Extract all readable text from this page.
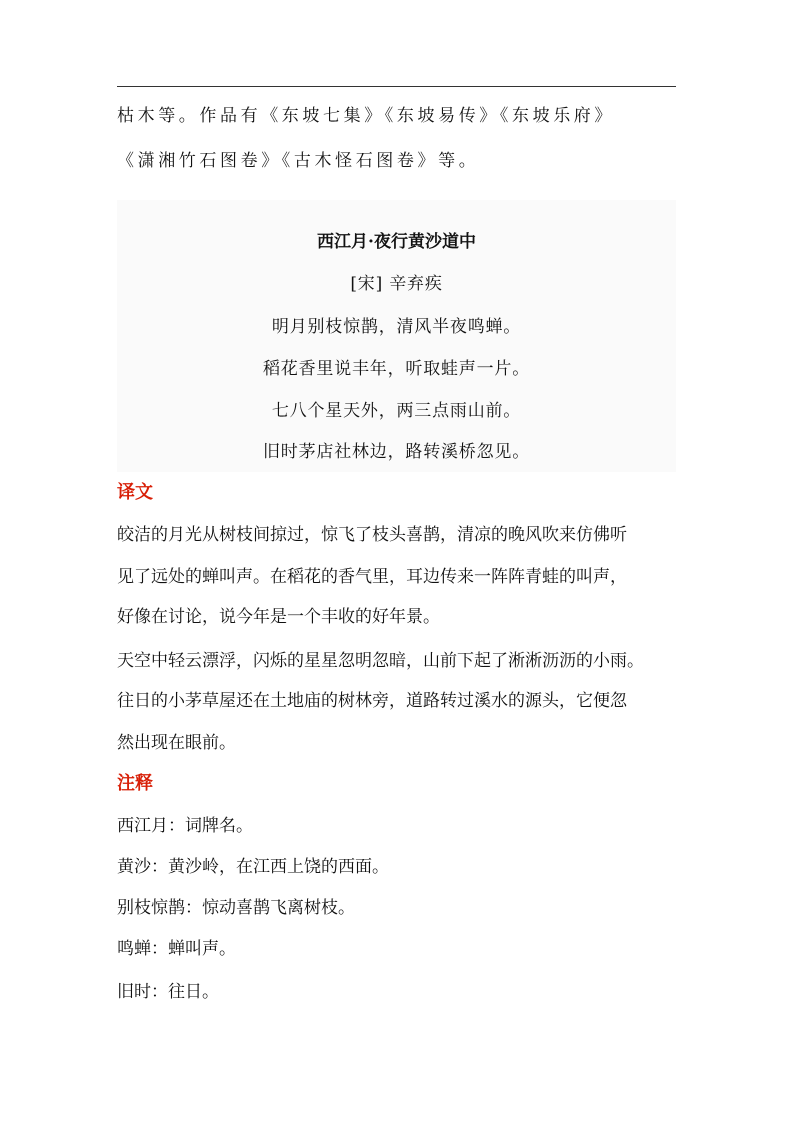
枯木等。作品有《东坡七集》《东坡易传》《东坡乐府》
《潇湘竹石图卷》《古木怪石图卷》等。
西江月·夜行黄沙道中
[宋] 辛弃疾
明月别枝惊鹊，清风半夜鸣蝉。
稻花香里说丰年，听取蛙声一片。
七八个星天外，两三点雨山前。
旧时茅店社林边，路转溪桥忽见。
译文
皎洁的月光从树枝间掠过，惊飞了枝头喜鹊，清凉的晚风吹来仿佛听
见了远处的蝉叫声。在稻花的香气里，耳边传来一阵阵青蛙的叫声，
好像在讨论，说今年是一个丰收的好年景。
天空中轻云漂浮，闪烁的星星忽明忽暗，山前下起了淅淅沥沥的小雨。
往日的小茅草屋还在土地庙的树林旁，道路转过溪水的源头，它便忽
然出现在眼前。
注释
西江月：词牌名。
黄沙：黄沙岭，在江西上饶的西面。
别枝惊鹊：惊动喜鹊飞离树枝。
鸣蝉：蝉叫声。
旧时：往日。
